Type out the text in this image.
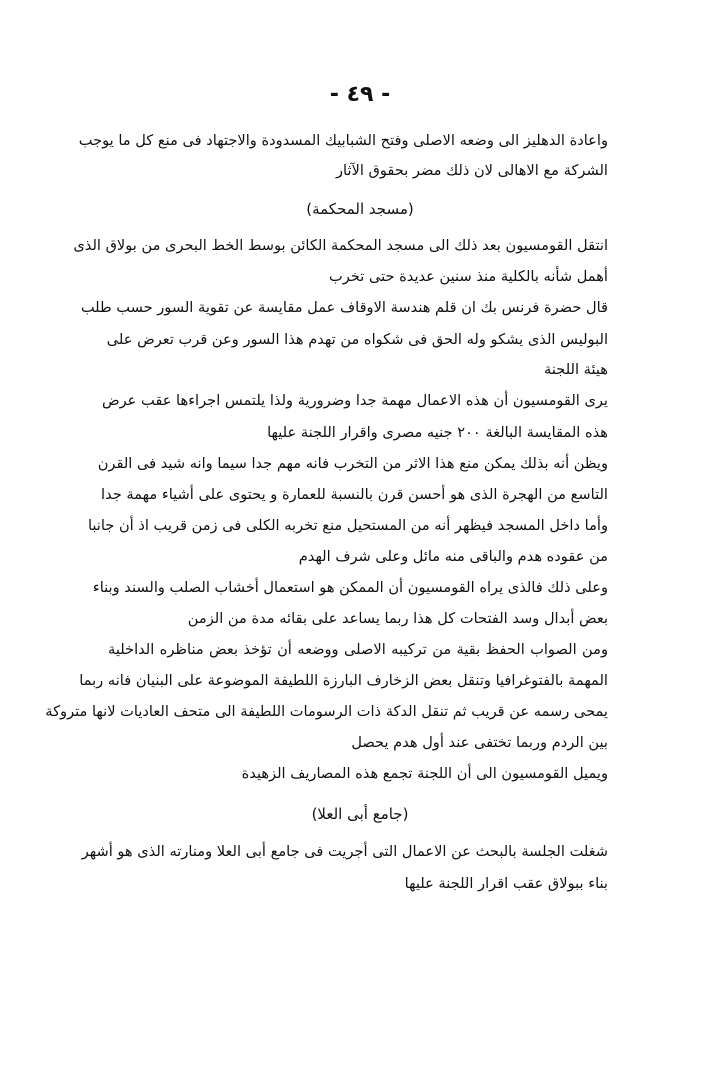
- ٤٩ -
واعادة الدهليز الى وضعه الاصلى وفتح الشبابيك المسدودة والاجتهاد فى منع كل ما يوجب
الشركة مع الاهالى لان ذلك مضر بحقوق الآثار
(مسجد المحكمة)
انتقل القومسيون بعد ذلك الى مسجد المحكمة الكائن بوسط الخط البحرى من بولاق الذى
أهمل شأنه بالكلية منذ سنين عديدة حتى تخرب
قال حضرة فرنس بك ان قلم هندسة الاوقاف عمل مقايسة عن تقوية السور حسب طلب
البوليس الذى يشكو وله الحق فى شكواه من تهدم هذا السور وعن قرب تعرض على
هيئة اللجنة
يرى القومسيون أن هذه الاعمال مهمة جدا وضرورية ولذا يلتمس اجراءها عقب عرض
هذه المقايسة البالغة ٢٠٠ جنيه مصرى واقرار اللجنة عليها
ويظن أنه بذلك يمكن منع هذا الاثر من التخرب فانه مهم جدا سيما وانه شيد فى القرن
التاسع من الهجرة الذى هو أحسن قرن بالنسبة للعمارة و يحتوى على أشياء مهمة جدا
وأما داخل المسجد فيظهر أنه من المستحيل منع تخربه الكلى فى زمن قريب اذ أن جانبا
من عقوده هدم والباقى منه مائل وعلى شرف الهدم
وعلى ذلك فالذى يراه القومسيون أن الممكن هو استعمال أخشاب الصلب والسند وبناء
بعض أبدال وسد الفتحات كل هذا ربما يساعد على بقائه مدة من الزمن
ومن الصواب الحفظ بقية من تركيبه الاصلى ووضعه أن تؤخذ بعض مناظره الداخلية
المهمة بالفتوغرافيا وتنقل بعض الزخارف البارزة اللطيفة الموضوعة على البنيان فانه ربما
يمحى رسمه عن قريب ثم تنقل الدكة ذات الرسومات اللطيفة الى متحف العاديات لانها متروكة
بين الردم وربما تختفى عند أول هدم يحصل
ويميل القومسيون الى أن اللجنة تجمع هذه المصاريف الزهيدة
(جامع أبى العلا)
شغلت الجلسة بالبحث عن الاعمال التى أجريت فى جامع أبى العلا ومنارته الذى هو أشهر
بناء ببولاق عقب اقرار اللجنة عليها
